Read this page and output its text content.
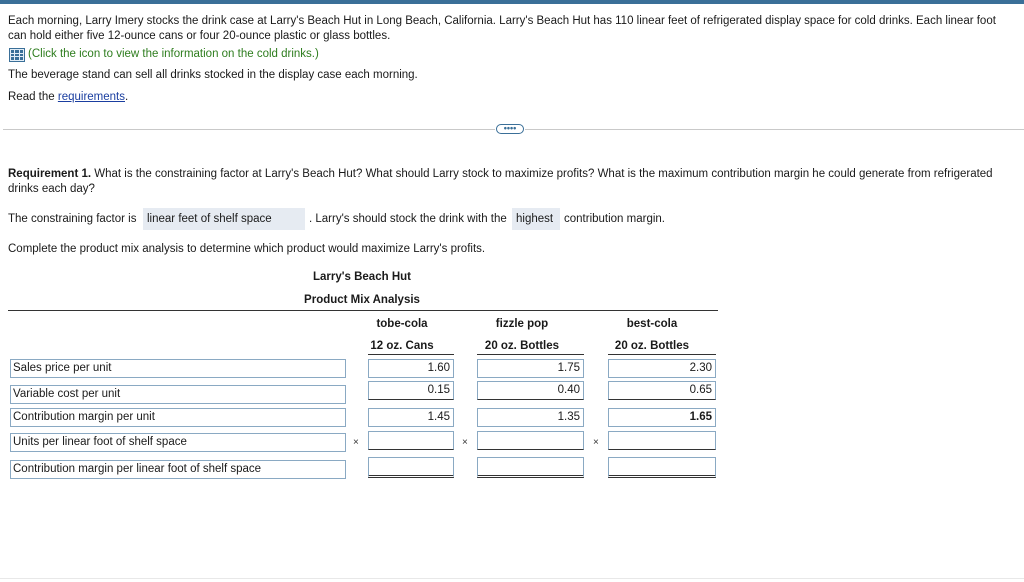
Each morning, Larry Imery stocks the drink case at Larry's Beach Hut in Long Beach, California. Larry's Beach Hut has 110 linear feet of refrigerated display space for cold drinks. Each linear foot
can hold either five 12-ounce cans or four 20-ounce plastic or glass bottles.
(Click the icon to view the information on the cold drinks.)
The beverage stand can sell all drinks stocked in the display case each morning.
Read the requirements.
••••
Requirement 1. What is the constraining factor at Larry's Beach Hut? What should Larry stock to maximize profits? What is the maximum contribution margin he could generate from refrigerated
drinks each day?
The constraining factor is linear feet of shelf space	. Larry's should stock the drink with the highest contribution margin.
Complete the product mix analysis to determine which product would maximize Larry's profits.
Larry's Beach Hut
Product Mix Analysis
tobe-cola	fizzle pop	best-cola
12 oz. Cans	20 oz. Bottles	20 oz. Bottles
Sales price per unit	1.60	1.75	2.30
Variable cost per unit	0.15	0.40	0.65
Contribution margin per unit	1.45	1.35	1.65
Units per linear foot of shelf space	×	×	×
Contribution margin per linear foot of shelf space
